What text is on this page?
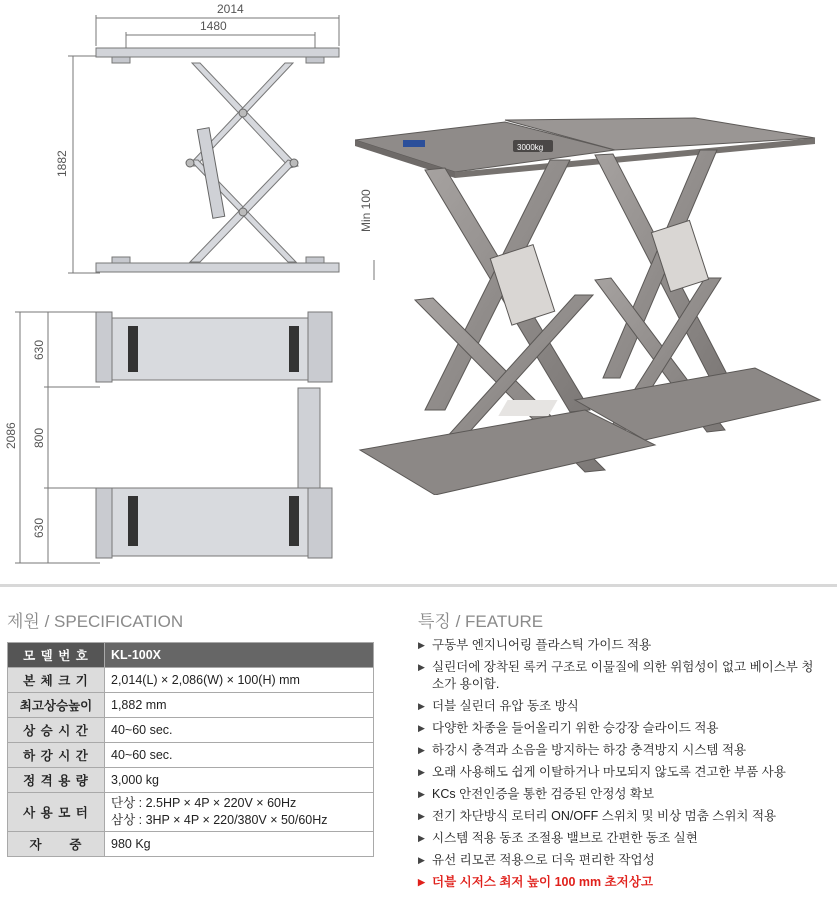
2014
1480
1882
Min 100
2086
630
800
630
3000kg
제원 / SPECIFICATION
모 델 번 호	KL-100X
본 체 크 기	2,014(L) × 2,086(W) × 100(H) mm
최고상승높이	1,882 mm
상 승 시 간	40~60 sec.
하 강 시 간	40~60 sec.
정 격 용 량	3,000 kg
사 용 모 터	단상 : 2.5HP × 4P × 220V × 60Hz
삼상 : 3HP × 4P × 220/380V × 50/60Hz

자      중	980 Kg
특징 / FEATURE
▶ 구동부 엔지니어링 플라스틱 가이드 적용
▶ 실린더에 장착된 록커 구조로 이물질에 의한 위험성이 없고 베이스부 청소가 용이함.
▶ 더블 실린더 유압 동조 방식
▶ 다양한 차종을 들어올리기 위한 승강장 슬라이드 적용
▶ 하강시 충격과 소음을 방지하는 하강 충격방지 시스템 적용
▶ 오래 사용해도 쉽게 이탈하거나 마모되지 않도록 견고한 부품 사용
▶ KCs 안전인증을 통한 검증된 안정성 확보
▶ 전기 차단방식 로터리 ON/OFF 스위치 및 비상 멈춤 스위치 적용
▶ 시스템 적용 동조 조절용 밸브로 간편한 동조 실현
▶ 유선 리모콘 적용으로 더욱 편리한 작업성
▶ 더블 시저스 최저 높이 100 mm 초저상고
